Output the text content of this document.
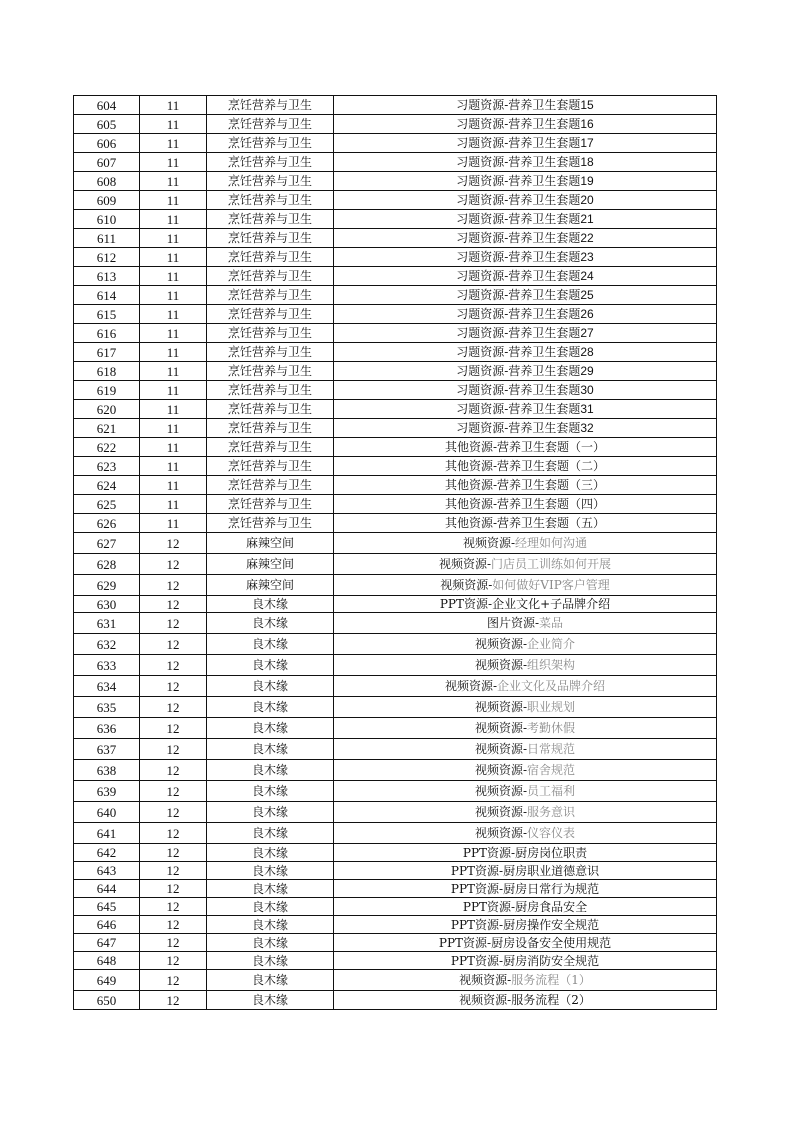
604	11	烹饪营养与卫生	习题资源-营养卫生套题15
605	11	烹饪营养与卫生	习题资源-营养卫生套题16
606	11	烹饪营养与卫生	习题资源-营养卫生套题17
607	11	烹饪营养与卫生	习题资源-营养卫生套题18
608	11	烹饪营养与卫生	习题资源-营养卫生套题19
609	11	烹饪营养与卫生	习题资源-营养卫生套题20
610	11	烹饪营养与卫生	习题资源-营养卫生套题21
611	11	烹饪营养与卫生	习题资源-营养卫生套题22
612	11	烹饪营养与卫生	习题资源-营养卫生套题23
613	11	烹饪营养与卫生	习题资源-营养卫生套题24
614	11	烹饪营养与卫生	习题资源-营养卫生套题25
615	11	烹饪营养与卫生	习题资源-营养卫生套题26
616	11	烹饪营养与卫生	习题资源-营养卫生套题27
617	11	烹饪营养与卫生	习题资源-营养卫生套题28
618	11	烹饪营养与卫生	习题资源-营养卫生套题29
619	11	烹饪营养与卫生	习题资源-营养卫生套题30
620	11	烹饪营养与卫生	习题资源-营养卫生套题31
621	11	烹饪营养与卫生	习题资源-营养卫生套题32
622	11	烹饪营养与卫生	其他资源-营养卫生套题（一）
623	11	烹饪营养与卫生	其他资源-营养卫生套题（二）
624	11	烹饪营养与卫生	其他资源-营养卫生套题（三）
625	11	烹饪营养与卫生	其他资源-营养卫生套题（四）
626	11	烹饪营养与卫生	其他资源-营养卫生套题（五）
627	12	麻辣空间	视频资源-经理如何沟通
628	12	麻辣空间	视频资源-门店员工训练如何开展
629	12	麻辣空间	视频资源-如何做好VIP客户管理
630	12	良木缘	PPT资源-企业文化+子品牌介绍
631	12	良木缘	图片资源-菜品
632	12	良木缘	视频资源-企业简介
633	12	良木缘	视频资源-组织架构
634	12	良木缘	视频资源-企业文化及品牌介绍
635	12	良木缘	视频资源-职业规划
636	12	良木缘	视频资源-考勤休假
637	12	良木缘	视频资源-日常规范
638	12	良木缘	视频资源-宿舍规范
639	12	良木缘	视频资源-员工福利
640	12	良木缘	视频资源-服务意识
641	12	良木缘	视频资源-仪容仪表
642	12	良木缘	PPT资源-厨房岗位职责
643	12	良木缘	PPT资源-厨房职业道德意识
644	12	良木缘	PPT资源-厨房日常行为规范
645	12	良木缘	PPT资源-厨房食品安全
646	12	良木缘	PPT资源-厨房操作安全规范
647	12	良木缘	PPT资源-厨房设备安全使用规范
648	12	良木缘	PPT资源-厨房消防安全规范
649	12	良木缘	视频资源-服务流程（1）
650	12	良木缘	视频资源-服务流程（2）
